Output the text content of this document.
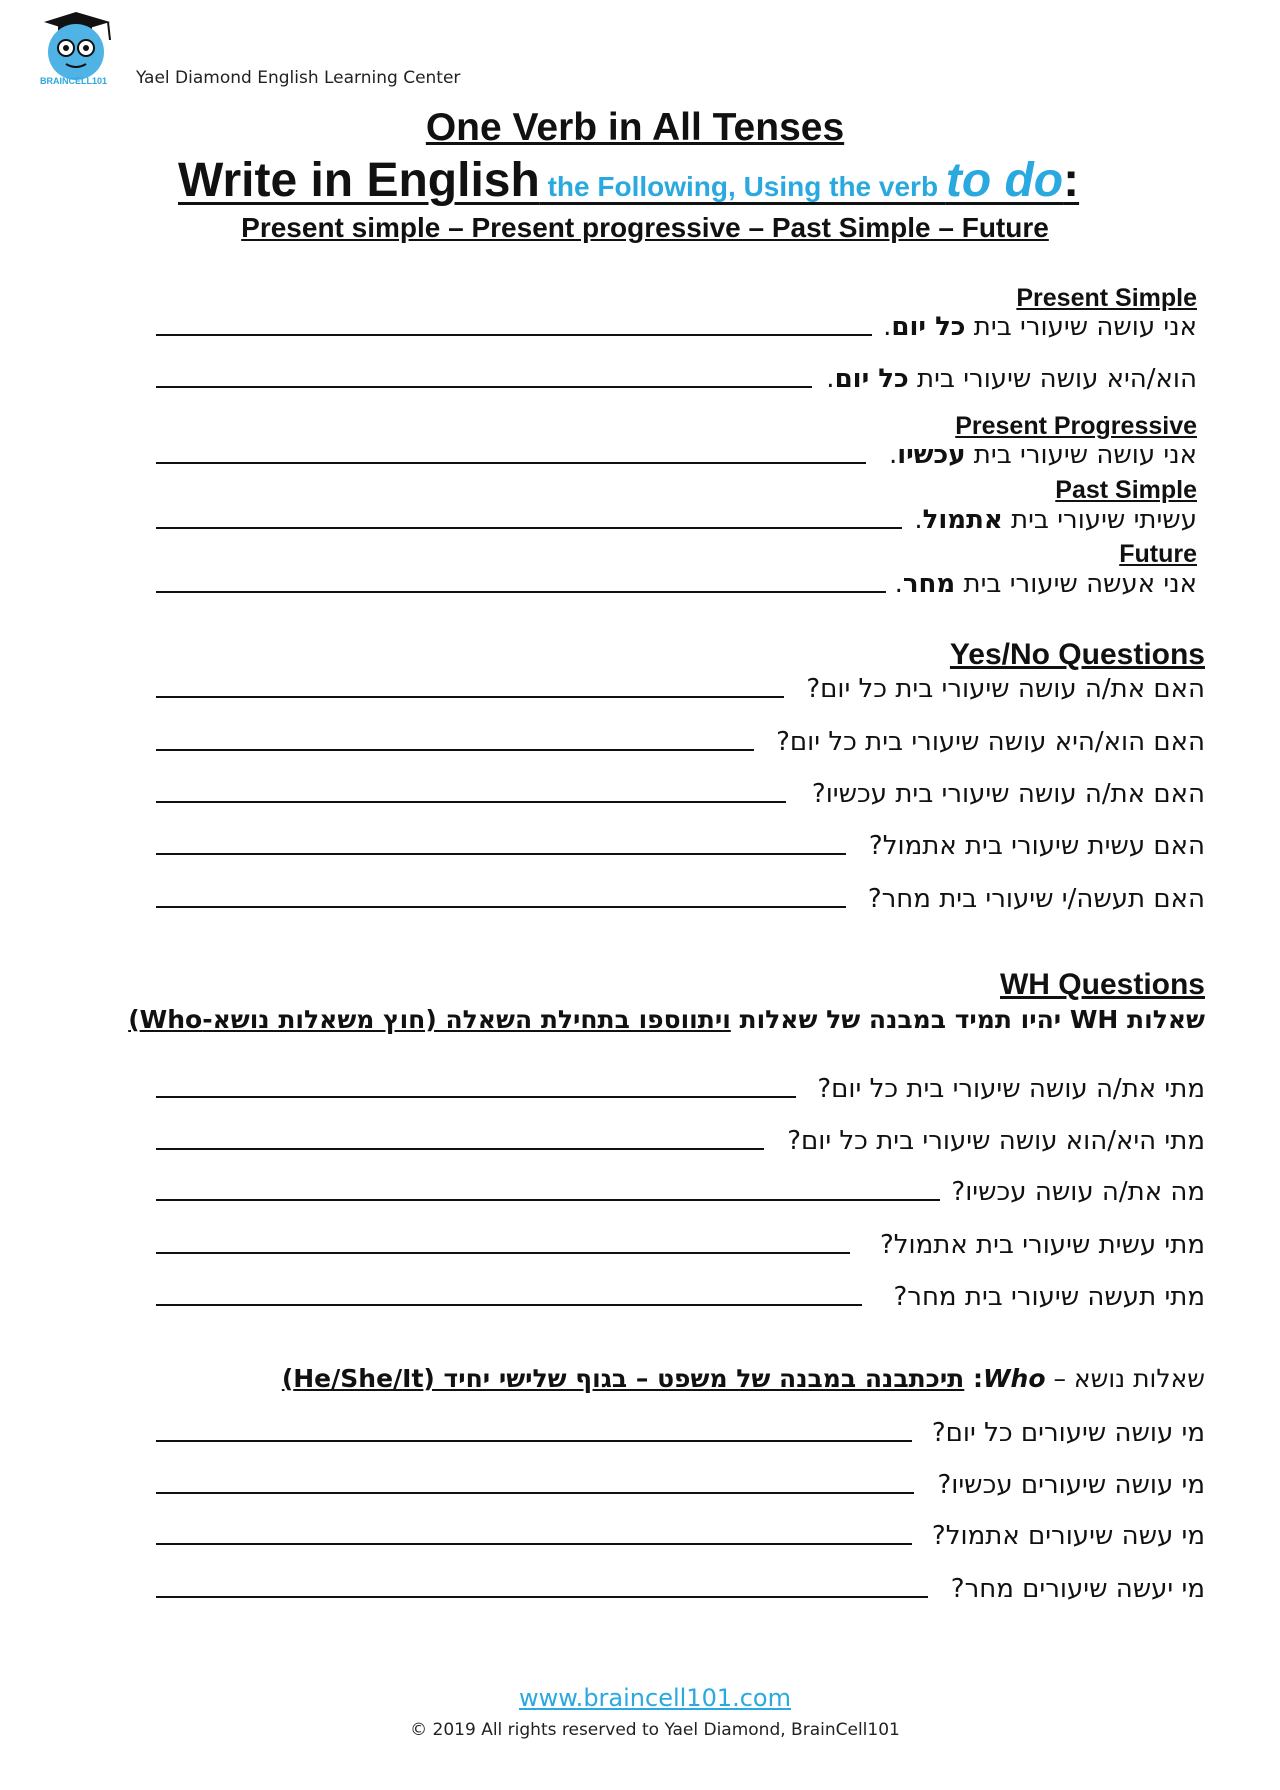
BRAINCELL101 Yael Diamond English Learning Center
One Verb in All Tenses
Write in English the Following, Using the verb to do:
Present simple – Present progressive – Past Simple – Future
Present Simple
אני עושה שיעורי בית כל יום.
הוא/היא עושה שיעורי בית כל יום.
Present Progressive
אני עושה שיעורי בית עכשיו.
Past Simple
עשיתי שיעורי בית אתמול.
Future
אני אעשה שיעורי בית מחר.
Yes/No Questions
האם את/ה עושה שיעורי בית כל יום?
האם הוא/היא עושה שיעורי בית כל יום?
האם את/ה עושה שיעורי בית עכשיו?
האם עשית שיעורי בית אתמול?
האם תעשה/י שיעורי בית מחר?
WH Questions
שאלות WH יהיו תמיד במבנה של שאלות ויתווספו בתחילת השאלה (חוץ משאלות נושא-Who)
מתי את/ה עושה שיעורי בית כל יום?
מתי היא/הוא עושה שיעורי בית כל יום?
מה את/ה עושה עכשיו?
מתי עשית שיעורי בית אתמול?
מתי תעשה שיעורי בית מחר?
שאלות נושא – Who: תיכתבנה במבנה של משפט – בגוף שלישי יחיד (He/She/It)
מי עושה שיעורים כל יום?
מי עושה שיעורים עכשיו?
מי עשה שיעורים אתמול?
מי יעשה שיעורים מחר?
www.braincell101.com
© 2019 All rights reserved to Yael Diamond, BrainCell101
